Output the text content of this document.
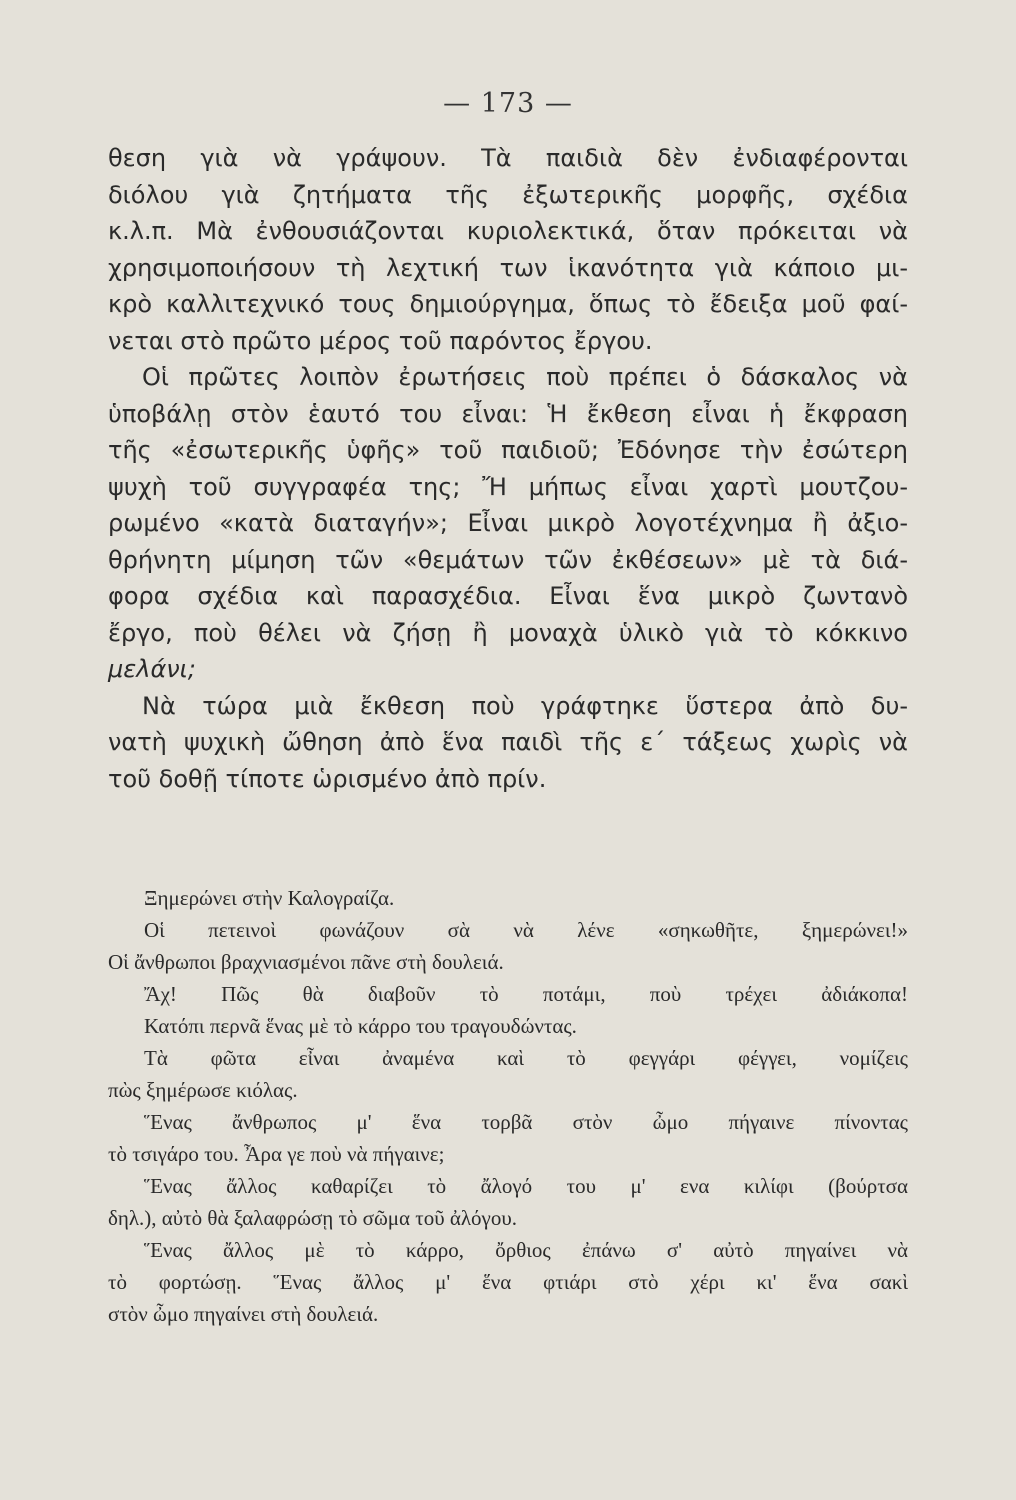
— 173 —
θεση γιὰ νὰ γράψουν. Τὰ παιδιὰ δὲν ἐνδιαφέρονται
διόλου γιὰ ζητήματα τῆς ἐξωτερικῆς μορφῆς, σχέδια
κ.λ.π. Μὰ ἐνθουσιάζονται κυριολεκτικά, ὅταν πρόκειται νὰ
χρησιμοποιήσουν τὴ λεχτική των ἱκανότητα γιὰ κάποιο μι-
κρὸ καλλιτεχνικό τους δημιούργημα, ὅπως τὸ ἔδειξα μοῦ φαί-
νεται στὸ πρῶτο μέρος τοῦ παρόντος ἔργου.
Οἱ πρῶτες λοιπὸν ἐρωτήσεις ποὺ πρέπει ὁ δάσκαλος νὰ
ὑποβάλῃ στὸν ἑαυτό του εἶναι: Ἡ ἔκθεση εἶναι ἡ ἔκφραση
τῆς «ἐσωτερικῆς ὑφῆς» τοῦ παιδιοῦ; Ἐδόνησε τὴν ἐσώτερη
ψυχὴ τοῦ συγγραφέα της; Ἤ μήπως εἶναι χαρτὶ μουτζου-
ρωμένο «κατὰ διαταγήν»; Εἶναι μικρὸ λογοτέχνημα ἢ ἀξιο-
θρήνητη μίμηση τῶν «θεμάτων τῶν ἐκθέσεων» μὲ τὰ διά-
φορα σχέδια καὶ παρασχέδια. Εἶναι ἕνα μικρὸ ζωντανὸ
ἔργο, ποὺ θέλει νὰ ζήσῃ ἢ μοναχὰ ὑλικὸ γιὰ τὸ κόκκινο
μελάνι;
Νὰ τώρα μιὰ ἔκθεση ποὺ γράφτηκε ὕστερα ἀπὸ δυ-
νατὴ ψυχικὴ ὤθηση ἀπὸ ἕνα παιδὶ τῆς ε΄ τάξεως χωρὶς νὰ
τοῦ δοθῇ τίποτε ὡρισμένο ἀπὸ πρίν.
Ξημερώνει στὴν Καλογραίζα.
Οἱ πετεινοὶ φωνάζουν σὰ νὰ λένε «σηκωθῆτε, ξημερώνει!»
Οἱ ἄνθρωποι βραχνιασμένοι πᾶνε στὴ δουλειά.
Ἄχ! Πῶς θὰ διαβοῦν τὸ ποτάμι, ποὺ τρέχει ἀδιάκοπα!
Κατόπι περνᾶ ἕνας μὲ τὸ κάρρο του τραγουδώντας.
Τὰ φῶτα εἶναι ἀναμένα καὶ τὸ φεγγάρι φέγγει, νομίζεις
πὼς ξημέρωσε κιόλας.
Ἕνας ἄνθρωπος μ' ἕνα τορβᾶ στὸν ὦμο πήγαινε πίνοντας
τὸ τσιγάρο του. Ἆρα γε ποὺ νὰ πήγαινε;
Ἕνας ἄλλος καθαρίζει τὸ ἄλογό του μ' ενα κιλίφι (βούρτσα
δηλ.), αὐτὸ θὰ ξαλαφρώσῃ τὸ σῶμα τοῦ ἀλόγου.
Ἕνας ἄλλος μὲ τὸ κάρρο, ὄρθιος ἐπάνω σ' αὐτὸ πηγαίνει νὰ
τὸ φορτώσῃ. Ἕνας ἄλλος μ' ἕνα φτιάρι στὸ χέρι κι' ἕνα σακὶ
στὸν ὦμο πηγαίνει στὴ δουλειά.
